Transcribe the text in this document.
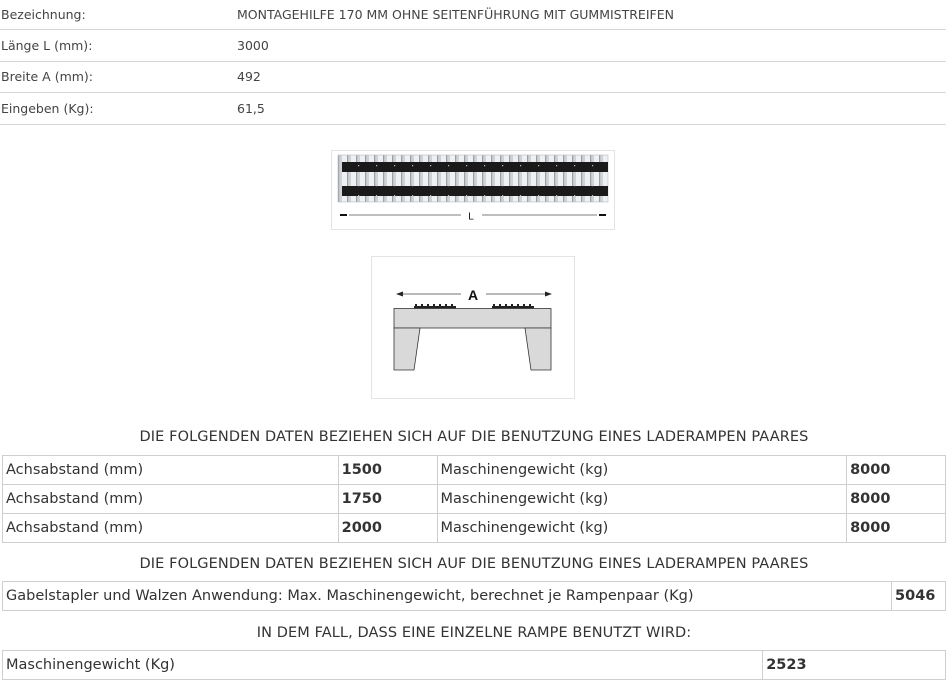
Bezeichnung:	MONTAGEHILFE 170 MM OHNE SEITENFÜHRUNG MIT GUMMISTREIFEN
Länge L (mm):	3000
Breite A (mm):	492
Eingeben (Kg):	61,5
L
A
DIE FOLGENDEN DATEN BEZIEHEN SICH AUF DIE BENUTZUNG EINES LADERAMPEN PAARES
Achsabstand (mm)	1500	Maschinengewicht (kg)	8000
Achsabstand (mm)	1750	Maschinengewicht (kg)	8000
Achsabstand (mm)	2000	Maschinengewicht (kg)	8000
DIE FOLGENDEN DATEN BEZIEHEN SICH AUF DIE BENUTZUNG EINES LADERAMPEN PAARES
Gabelstapler und Walzen Anwendung: Max. Maschinengewicht, berechnet je Rampenpaar (Kg)	5046
IN DEM FALL, DASS EINE EINZELNE RAMPE BENUTZT WIRD:
Maschinengewicht (Kg)	2523
